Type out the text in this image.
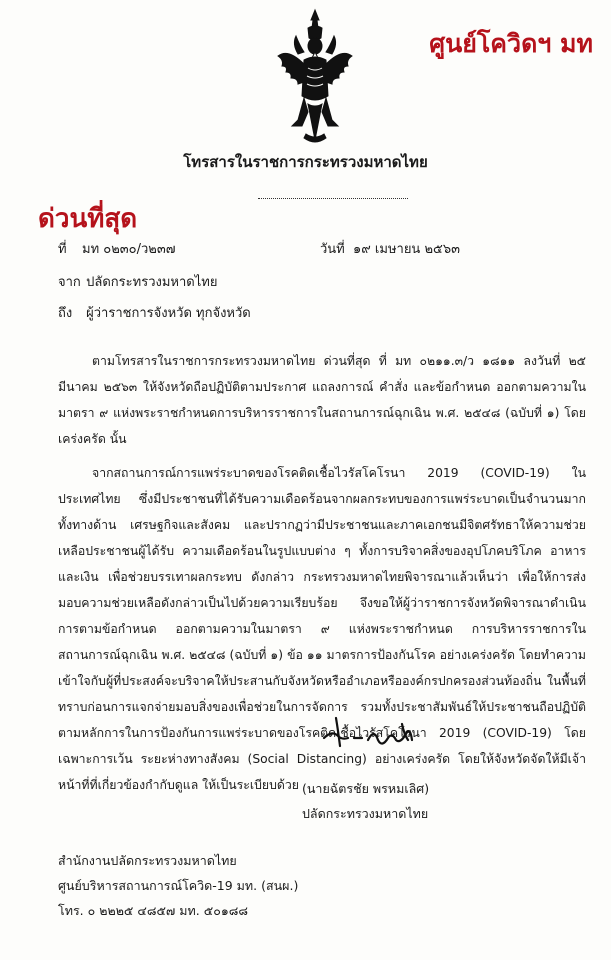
ศูนย์โควิดฯ มท
โทรสารในราชการกระทรวงมหาดไทย
ด่วนที่สุด
ที่ มท ๐๒๓๐/ว๒๓๗	วันที่ ๑๙ เมษายน ๒๕๖๓
จาก ปลัดกระทรวงมหาดไทย
ถึง ผู้ว่าราชการจังหวัด ทุกจังหวัด

ตามโทรสารในราชการกระทรวงมหาดไทย ด่วนที่สุด ที่ มท ๐๒๑๑.๓/ว ๑๘๑๑ ลงวันที่ ๒๕ มีนาคม ๒๕๖๓ ให้จังหวัดถือปฏิบัติตามประกาศ แถลงการณ์ คำสั่ง และข้อกำหนด ออกตามความใน มาตรา ๙ แห่งพระราชกำหนดการบริหารราชการในสถานการณ์ฉุกเฉิน พ.ศ. ๒๕๔๘ (ฉบับที่ ๑) โดยเคร่งครัด นั้น

จากสถานการณ์การแพร่ระบาดของโรคติดเชื้อไวรัสโคโรนา 2019 (COVID-19) ในประเทศไทย ซึ่งมีประชาชนที่ได้รับความเดือดร้อนจากผลกระทบของการแพร่ระบาดเป็นจำนวนมาก ทั้งทางด้าน เศรษฐกิจและสังคม และปรากฏว่ามีประชาชนและภาคเอกชนมีจิตศรัทธาให้ความช่วยเหลือประชาชนผู้ได้รับ ความเดือดร้อนในรูปแบบต่าง ๆ ทั้งการบริจาคสิ่งของอุปโภคบริโภค อาหาร และเงิน เพื่อช่วยบรรเทาผลกระทบ ดังกล่าว กระทรวงมหาดไทยพิจารณาแล้วเห็นว่า เพื่อให้การส่งมอบความช่วยเหลือดังกล่าวเป็นไปด้วยความเรียบร้อย จึงขอให้ผู้ว่าราชการจังหวัดพิจารณาดำเนินการตามข้อกำหนด ออกตามความในมาตรา ๙ แห่งพระราชกำหนด การบริหารราชการในสถานการณ์ฉุกเฉิน พ.ศ. ๒๕๔๘ (ฉบับที่ ๑) ข้อ ๑๑ มาตรการป้องกันโรค อย่างเคร่งครัด โดยทำความเข้าใจกับผู้ที่ประสงค์จะบริจาคให้ประสานกับจังหวัดหรืออำเภอหรือองค์กรปกครองส่วนท้องถิ่น ในพื้นที่ทราบก่อนการแจกจ่ายมอบสิ่งของเพื่อช่วยในการจัดการ รวมทั้งประชาสัมพันธ์ให้ประชาชนถือปฏิบัติ ตามหลักการในการป้องกันการแพร่ระบาดของโรคติดเชื้อไวรัสโคโรนา 2019 (COVID-19) โดยเฉพาะการเว้น ระยะห่างทางสังคม (Social Distancing) อย่างเคร่งครัด โดยให้จังหวัดจัดให้มีเจ้าหน้าที่ที่เกี่ยวข้องกำกับดูแล ให้เป็นระเบียบด้วย (นายฉัตรชัย พรหมเลิศ)
ปลัดกระทรวงมหาดไทย
สำนักงานปลัดกระทรวงมหาดไทย
ศูนย์บริหารสถานการณ์โควิด-19 มท. (สนผ.)
โทร. ๐ ๒๒๒๕ ๔๘๕๗ มท. ๕๐๑๘๘
